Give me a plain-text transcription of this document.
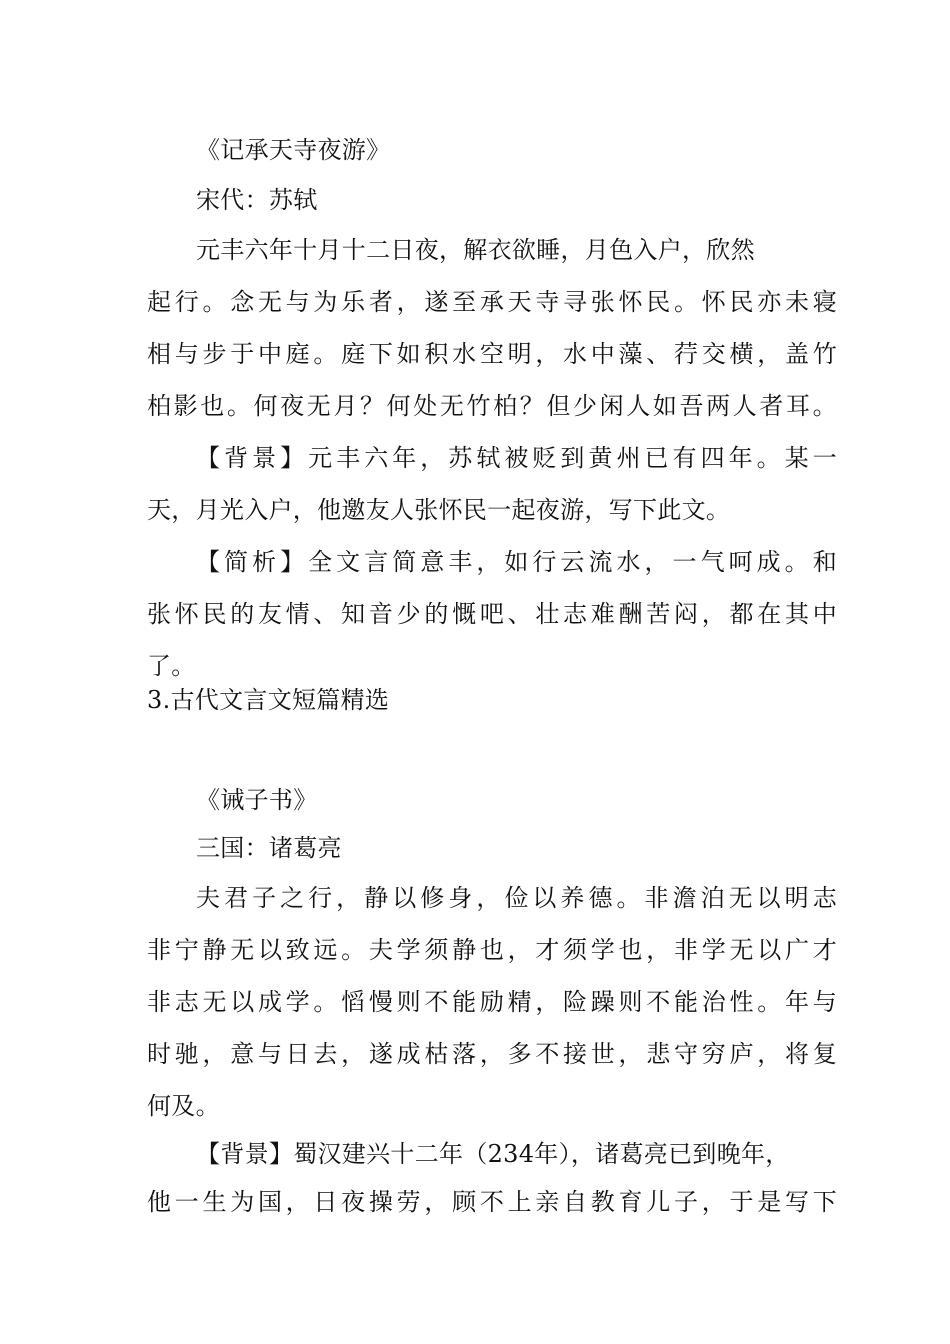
《记承天寺夜游》
宋代：苏轼
元丰六年十月十二日夜，解衣欲睡，月色入户，欣然
起行。念无与为乐者，遂至承天寺寻张怀民。怀民亦未寝
相与步于中庭。庭下如积水空明，水中藻、荇交横，盖竹
柏影也。何夜无月？何处无竹柏？但少闲人如吾两人者耳。
【背景】元丰六年，苏轼被贬到黄州已有四年。某一
天，月光入户，他邀友人张怀民一起夜游，写下此文。
【简析】全文言简意丰，如行云流水，一气呵成。和
张怀民的友情、知音少的慨吧、壮志难酬苦闷，都在其中
了。
3.古代文言文短篇精选
《诫子书》
三国：诸葛亮
夫君子之行，静以修身，俭以养德。非澹泊无以明志
非宁静无以致远。夫学须静也，才须学也，非学无以广才
非志无以成学。慆慢则不能励精，险躁则不能治性。年与
时驰，意与日去，遂成枯落，多不接世，悲守穷庐，将复
何及。
【背景】蜀汉建兴十二年（234年），诸葛亮已到晚年，
他一生为国，日夜操劳，顾不上亲自教育儿子，于是写下
